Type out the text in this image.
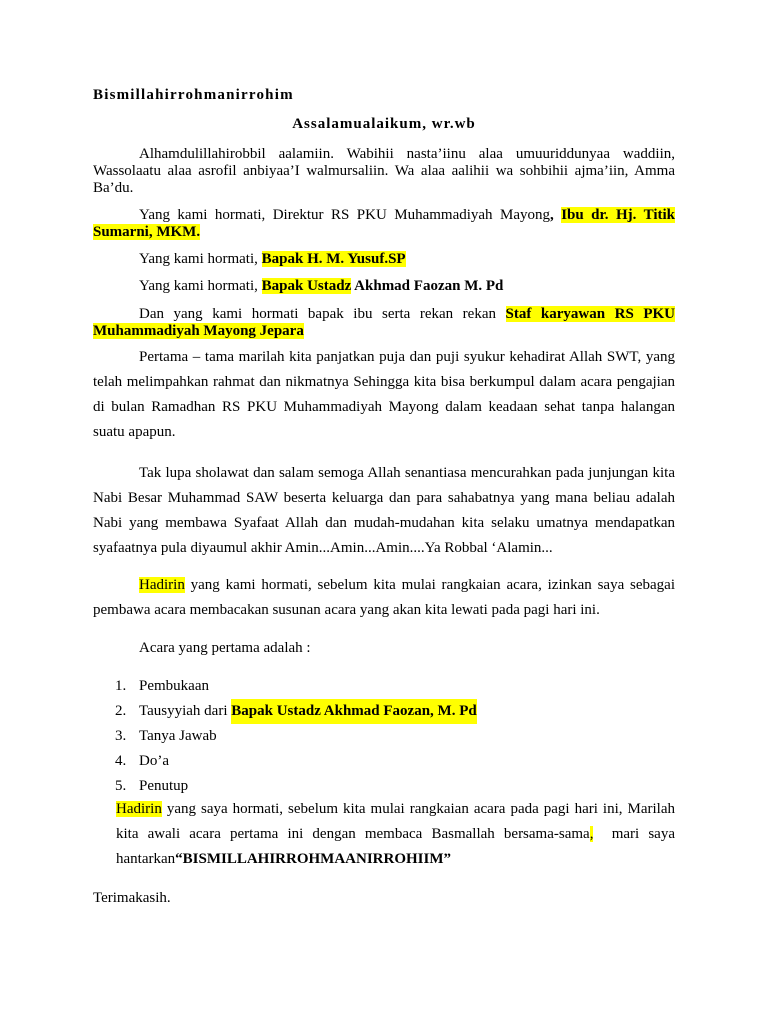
Bismillahirrohmanirrohim
Assalamualaikum, wr.wb
Alhamdulillahirobbil aalamiin. Wabihii nasta’iinu alaa umuuriddunyaa waddiin, Wassolaatu alaa asrofil anbiyaa’I walmursaliin. Wa alaa aalihii wa sohbihii ajma’iin, Amma Ba’du.
Yang kami hormati, Direktur RS PKU Muhammadiyah Mayong, Ibu dr. Hj. Titik Sumarni, MKM.
Yang kami hormati, Bapak H. M. Yusuf.SP
Yang kami hormati, Bapak Ustadz Akhmad Faozan M. Pd
Dan yang kami hormati bapak ibu serta rekan rekan Staf karyawan RS PKU Muhammadiyah Mayong Jepara
Pertama – tama marilah kita panjatkan puja dan puji syukur kehadirat Allah SWT, yang telah melimpahkan rahmat dan nikmatnya Sehingga kita bisa berkumpul dalam acara pengajian di bulan Ramadhan RS PKU Muhammadiyah Mayong dalam keadaan sehat tanpa halangan suatu apapun.
Tak lupa sholawat dan salam semoga Allah senantiasa mencurahkan pada junjungan kita Nabi Besar Muhammad SAW beserta keluarga dan para sahabatnya yang mana beliau adalah Nabi yang membawa Syafaat Allah dan mudah-mudahan kita selaku umatnya mendapatkan syafaatnya pula diyaumul akhir Amin...Amin...Amin....Ya Robbal ‘Alamin...
Hadirin yang kami hormati, sebelum kita mulai rangkaian acara, izinkan saya sebagai pembawa acara membacakan susunan acara yang akan kita lewati pada pagi hari ini.
Acara yang pertama adalah :
1. Pembukaan
2. Tausyyiah dari Bapak Ustadz Akhmad Faozan, M. Pd
3. Tanya Jawab
4. Do’a
5. Penutup
Hadirin yang saya hormati, sebelum kita mulai rangkaian acara pada pagi hari ini, Marilah kita awali acara pertama ini dengan membaca Basmallah bersama-sama,  mari saya hantarkan“BISMILLAHIRROHMAANIRROHIIM”
Terimakasih.
